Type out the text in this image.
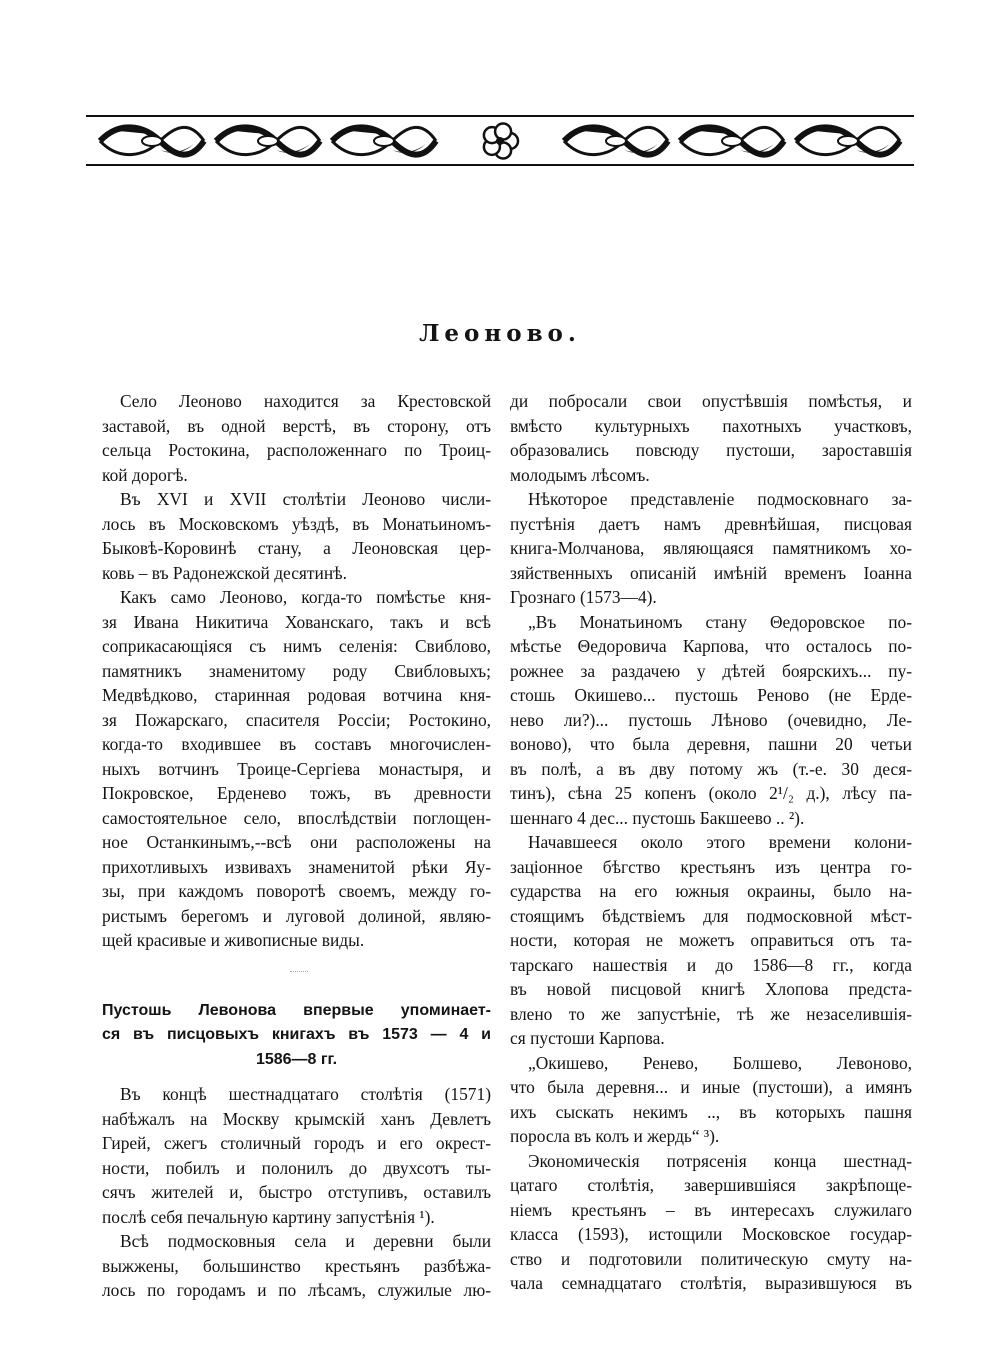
Леоново.
Село Леоново находится за Крестовской
заставой, въ одной верстѣ, въ сторону, отъ
сельца Ростокина, расположеннаго по Троиц-
кой дорогѣ.
Въ XVI и XVII столѣтіи Леоново числи-
лось въ Московскомъ уѣздѣ, въ Монатьиномъ-
Быковѣ-Коровинѣ стану, а Леоновская цер-
ковь – въ Радонежской десятинѣ.
Какъ само Леоново, когда-то помѣстье кня-
зя Ивана Никитича Хованскаго, такъ и всѣ
соприкасающіяся съ нимъ селенія: Свиблово,
памятникъ знаменитому роду Свибловыхъ;
Медвѣдково, старинная родовая вотчина кня-
зя Пожарскаго, спасителя Россіи; Ростокино,
когда-то входившее въ составъ многочислен-
ныхъ вотчинъ Троице-Сергіева монастыря, и
Покровское, Ерденево тожъ, въ древности
самостоятельное село, впослѣдствіи поглощен-
ное Останкинымъ,--всѣ они расположены на
прихотливыхъ извивахъ знаменитой рѣки Яу-
зы, при каждомъ поворотѣ своемъ, между го-
ристымъ берегомъ и луговой долиной, являю-
щей красивые и живописные виды.
Пустошь Левонова впервые упоминает-
ся въ писцовыхъ книгахъ въ 1573 — 4 и
1586—8 гг.
Въ концѣ шестнадцатаго столѣтія (1571)
набѣжалъ на Москву крымскій ханъ Девлетъ
Гирей, сжегъ столичный городъ и его окрест-
ности, побилъ и полонилъ до двухсотъ ты-
сячъ жителей и, быстро отступивъ, оставилъ
послѣ себя печальную картину запустѣнія ¹).
Всѣ подмосковныя села и деревни были
выжжены, большинство крестьянъ разбѣжа-
лось по городамъ и по лѣсамъ, служилые лю-
ди побросали свои опустѣвшія помѣстья, и
вмѣсто культурныхъ пахотныхъ участковъ,
образовались повсюду пустоши, зароставшія
молодымъ лѣсомъ.
Нѣкоторое представленіе подмосковнаго за-
пустѣнія даетъ намъ древнѣйшая, писцовая
книга-Молчанова, являющаяся памятникомъ хо-
зяйственныхъ описаній имѣній временъ Іоанна
Грознаго (1573—4).
„Въ Монатьиномъ стану Θедоровское по-
мѣстье Θедоровича Карпова, что осталось по-
рожнее за раздачею у дѣтей боярскихъ... пу-
стошь Окишево... пустошь Реново (не Ерде-
нево ли?)... пустошь Лѣново (очевидно, Ле-
воново), что была деревня, пашни 20 четьи
въ полѣ, а въ дву потому жъ (т.-е. 30 деся-
тинъ), сѣна 25 копенъ (около 2¹/₂ д.), лѣсу па-
шеннаго 4 дес... пустошь Бакшеево .. ²).
Начавшееся около этого времени колони-
заціонное бѣгство крестьянъ изъ центра го-
сударства на его южныя окраины, было на-
стоящимъ бѣдствіемъ для подмосковной мѣст-
ности, которая не можетъ оправиться отъ та-
тарскаго нашествія и до 1586—8 гг., когда
въ новой писцовой книгѣ Хлопова предста-
влено то же запустѣніе, тѣ же незаселившія-
ся пустоши Карпова.
„Окишево, Ренево, Болшево, Левоново,
что была деревня... и иные (пустоши), а имянъ
ихъ сыскать некимъ .., въ которыхъ пашня
поросла въ колъ и жердь“ ³).
Экономическія потрясенія конца шестнад-
цатаго столѣтія, завершившіяся закрѣпоще-
ніемъ крестьянъ – въ интересахъ служилаго
класса (1593), истощили Московское государ-
ство и подготовили политическую смуту на-
чала семнадцатаго столѣтія, выразившуюся въ
